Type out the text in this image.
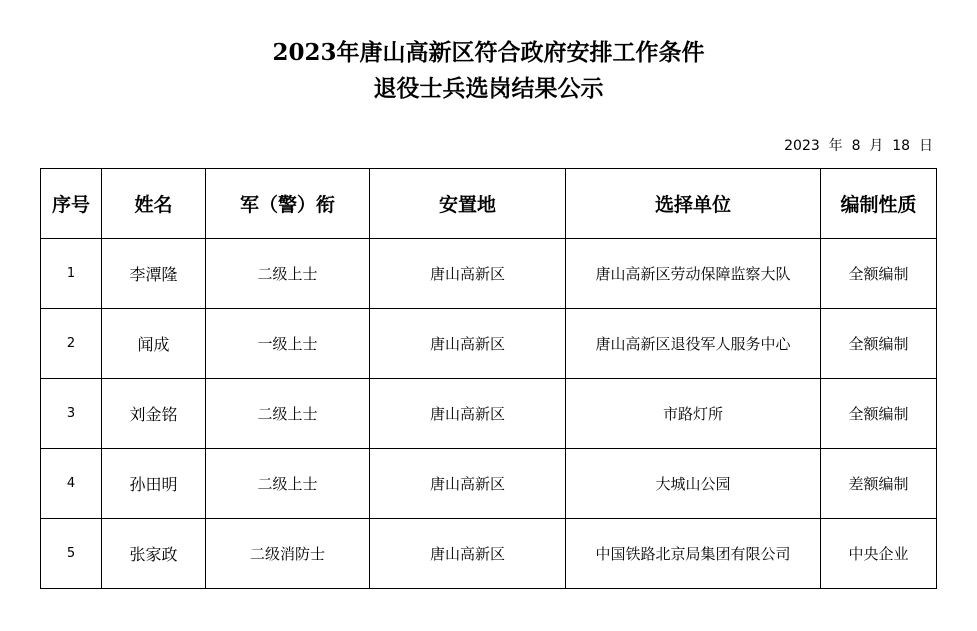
2023年唐山高新区符合政府安排工作条件
退役士兵选岗结果公示
2023  年  8  月  18  日
序号	姓名	军（警）衔	安置地	选择单位	编制性质
1	李潭隆	二级上士	唐山高新区	唐山高新区劳动保障监察大队	全额编制
2	闻成	一级上士	唐山高新区	唐山高新区退役军人服务中心	全额编制
3	刘金铭	二级上士	唐山高新区	市路灯所	全额编制
4	孙田明	二级上士	唐山高新区	大城山公园	差额编制
5	张家政	二级消防士	唐山高新区	中国铁路北京局集团有限公司	中央企业
